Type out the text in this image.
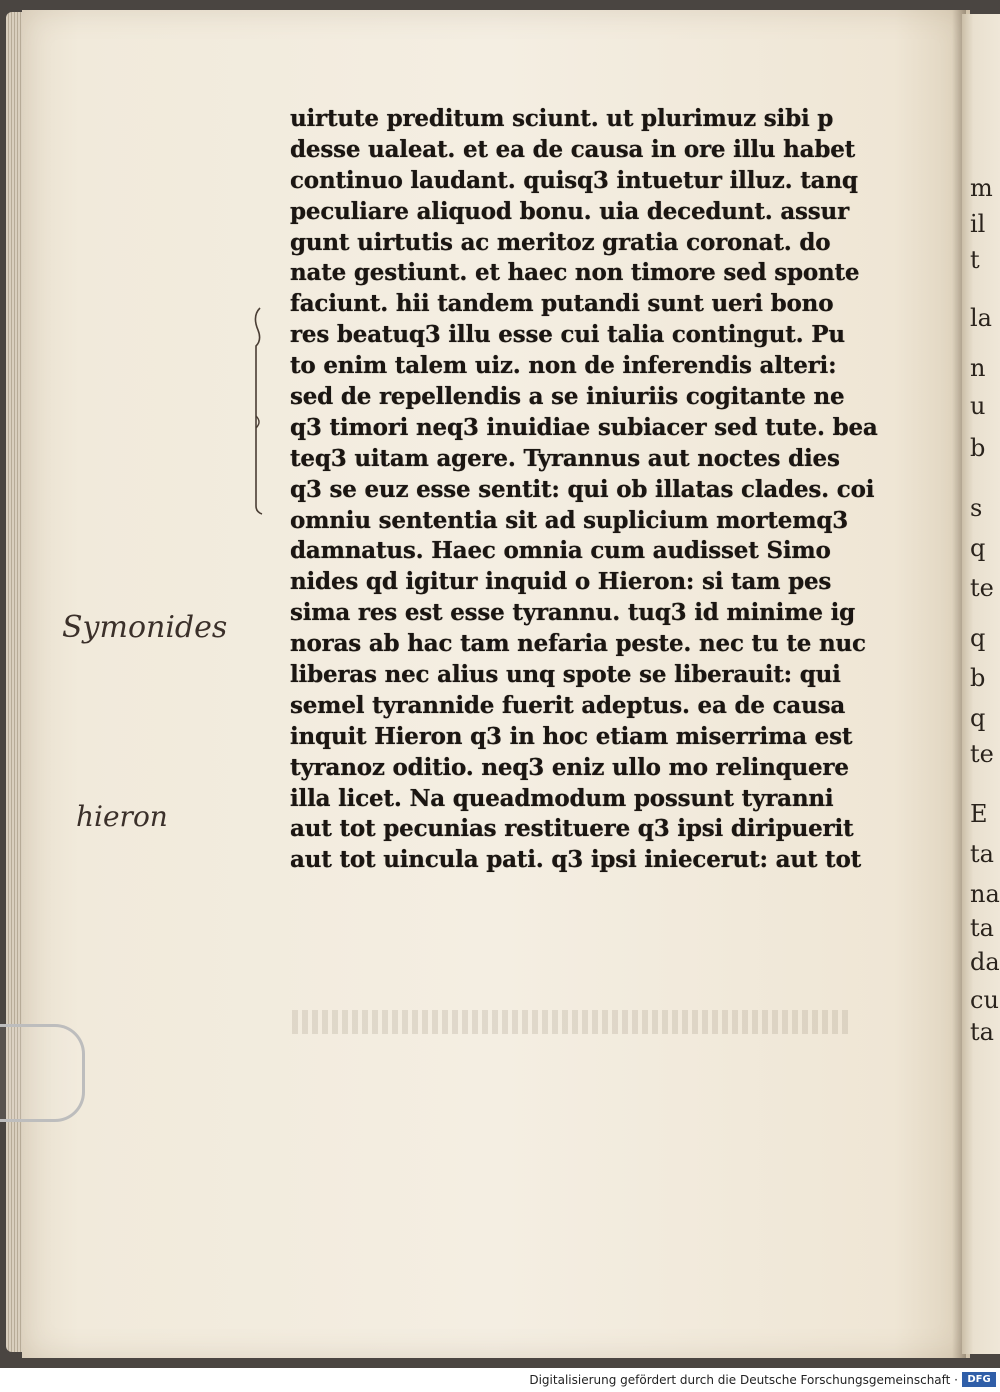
m
il
t
la
n
u
b
s
q
te
q
b
q
te
E
ta
na
ta
da
cu
ta
Symonides
hieron
uirtute preditum sciunt. ut plurimuz sibi p
desse ualeat. et ea de causa in ore illu habet
continuo laudant. quisq3 intuetur illuz. tanq
peculiare aliquod bonu. uia decedunt. assur
gunt uirtutis ac meritoz gratia coronat. do
nate gestiunt. et haec non timore sed sponte
faciunt. hii tandem putandi sunt ueri bono
res beatuq3 illu esse cui talia contingut. Pu
to enim talem uiz. non de inferendis alteri:
sed de repellendis a se iniuriis cogitante ne
q3 timori neq3 inuidiae subiacer sed tute. bea
teq3 uitam agere. Tyrannus aut noctes dies
q3 se euz esse sentit: qui ob illatas clades. coi
omniu sententia sit ad suplicium mortemq3
damnatus. Haec omnia cum audisset Simo
nides qd igitur inquid o Hieron: si tam pes
sima res est esse tyrannu. tuq3 id minime ig
noras ab hac tam nefaria peste. nec tu te nuc
liberas nec alius unq spote se liberauit: qui
semel tyrannide fuerit adeptus. ea de causa
inquit Hieron q3 in hoc etiam miserrima est
tyranoz oditio. neq3 eniz ullo mo relinquere
illa licet. Na queadmodum possunt tyranni
aut tot pecunias restituere q3 ipsi diripuerit
aut tot uincula pati. q3 ipsi iniecerut: aut tot
Digitalisierung gefördert durch die Deutsche Forschungsgemeinschaft · DFG
